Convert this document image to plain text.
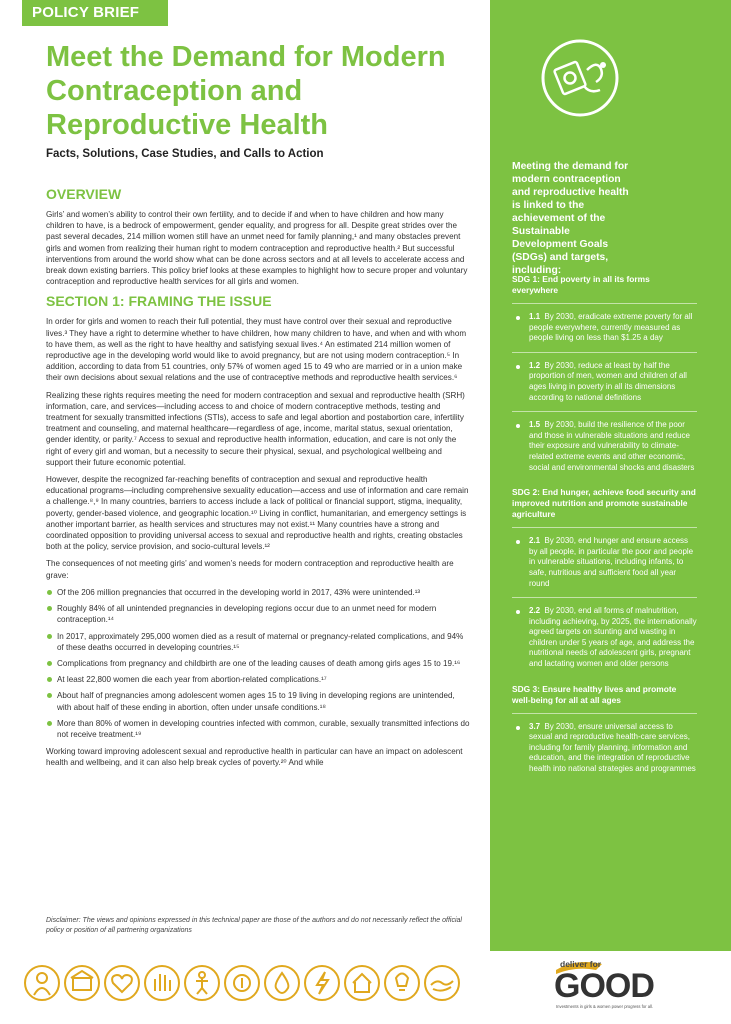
POLICY BRIEF
Meet the Demand for Modern Contraception and Reproductive Health
Facts, Solutions, Case Studies, and Calls to Action
OVERVIEW

Girls’ and women’s ability to control their own fertility, and to decide if and when to have children and how many children to have, is a bedrock of empowerment, gender equality, and progress for all. Despite great strides over the past several decades, 214 million women still have an unmet need for family planning,¹ and many obstacles prevent girls and women from realizing their human right to modern contraception and reproductive health.² But successful interventions from around the world show what can be done across sectors and at all levels to accelerate access and break down existing barriers. This policy brief looks at these examples to highlight how to secure proper and voluntary contraception and reproductive health services for all girls and women.

SECTION 1: FRAMING THE ISSUE

In order for girls and women to reach their full potential, they must have control over their sexual and reproductive lives.³ They have a right to determine whether to have children, how many children to have, and when and with whom to have them, as well as the right to have healthy and satisfying sexual lives.⁴ An estimated 214 million women of reproductive age in the developing world would like to avoid pregnancy, but are not using modern contraception.⁵ In addition, according to data from 51 countries, only 57% of women aged 15 to 49 who are married or in a union make their own decisions about sexual relations and the use of contraceptive methods and reproductive health services.⁶

Realizing these rights requires meeting the need for modern contraception and sexual and reproductive health (SRH) information, care, and services—including access to and choice of modern contraceptive methods, testing and treatment for sexually transmitted infections (STIs), access to safe and legal abortion and postabortion care, infertility treatment and counseling, and maternal healthcare—regardless of age, income, marital status, sexual orientation, gender identity, or parity.⁷ Access to sexual and reproductive health information, education, and care is not only the right of every girl and woman, but a necessity to secure their physical, sexual, and psychological wellbeing and support their future economic potential.

However, despite the recognized far-reaching benefits of contraception and sexual and reproductive health educational programs—including comprehensive sexuality education—access and use of information and care remain a challenge.⁸,⁹ In many countries, barriers to access include a lack of political or financial support, stigma, inequality, poverty, gender-based violence, and geographic location.¹⁰ Living in conflict, humanitarian, and emergency settings is another important barrier, as health services and structures may not exist.¹¹ Many countries have a strong and coordinated opposition to providing universal access to sexual and reproductive health and rights, creating obstacles both at the policy, service provision, and socio-cultural levels.¹²

The consequences of not meeting girls’ and women’s needs for modern contraception and reproductive health are grave:

Of the 206 million pregnancies that occurred in the developing world in 2017, 43% were unintended.¹³
Roughly 84% of all unintended pregnancies in developing regions occur due to an unmet need for modern contraception.¹⁴
In 2017, approximately 295,000 women died as a result of maternal or pregnancy-related complications, and 94% of these deaths occurred in developing countries.¹⁵
Complications from pregnancy and childbirth are one of the leading causes of death among girls ages 15 to 19.¹⁶
At least 22,800 women die each year from abortion-related complications.¹⁷
About half of pregnancies among adolescent women ages 15 to 19 living in developing regions are unintended, with about half of these ending in abortion, often under unsafe conditions.¹⁸
More than 80% of women in developing countries infected with common, curable, sexually transmitted infections do not receive treatment.¹⁹

Working toward improving adolescent sexual and reproductive health in particular can have an impact on adolescent health and wellbeing, and it can also help break cycles of poverty.²⁰ And while

Disclaimer: The views and opinions expressed in this technical paper are those of the authors and do not necessarily reflect the official policy or position of all partnering organizations

Meeting the demand for modern contraception and reproductive health is linked to the achievement of the Sustainable Development Goals (SDGs) and targets, including:

SDG 1: End poverty in all its forms everywhere
1.1 By 2030, eradicate extreme poverty for all people everywhere, currently measured as people living on less than $1.25 a day
1.2 By 2030, reduce at least by half the proportion of men, women and children of all ages living in poverty in all its dimensions according to national definitions
1.5 By 2030, build the resilience of the poor and those in vulnerable situations and reduce their exposure and vulnerability to climate-related extreme events and other economic, social and environmental shocks and disasters
SDG 2: End hunger, achieve food security and improved nutrition and promote sustainable agriculture
2.1 By 2030, end hunger and ensure access by all people, in particular the poor and people in vulnerable situations, including infants, to safe, nutritious and sufficient food all year round
2.2 By 2030, end all forms of malnutrition, including achieving, by 2025, the internationally agreed targets on stunting and wasting in children under 5 years of age, and address the nutritional needs of adolescent girls, pregnant and lactating women and older persons
SDG 3: Ensure healthy lives and promote well-being for all at all ages
3.7 By 2030, ensure universal access to sexual and reproductive health-care services, including for family planning, information and education, and the integration of reproductive health into national strategies and programmes
deliver for
GOOD
Investments in girls & women power progress for all.
